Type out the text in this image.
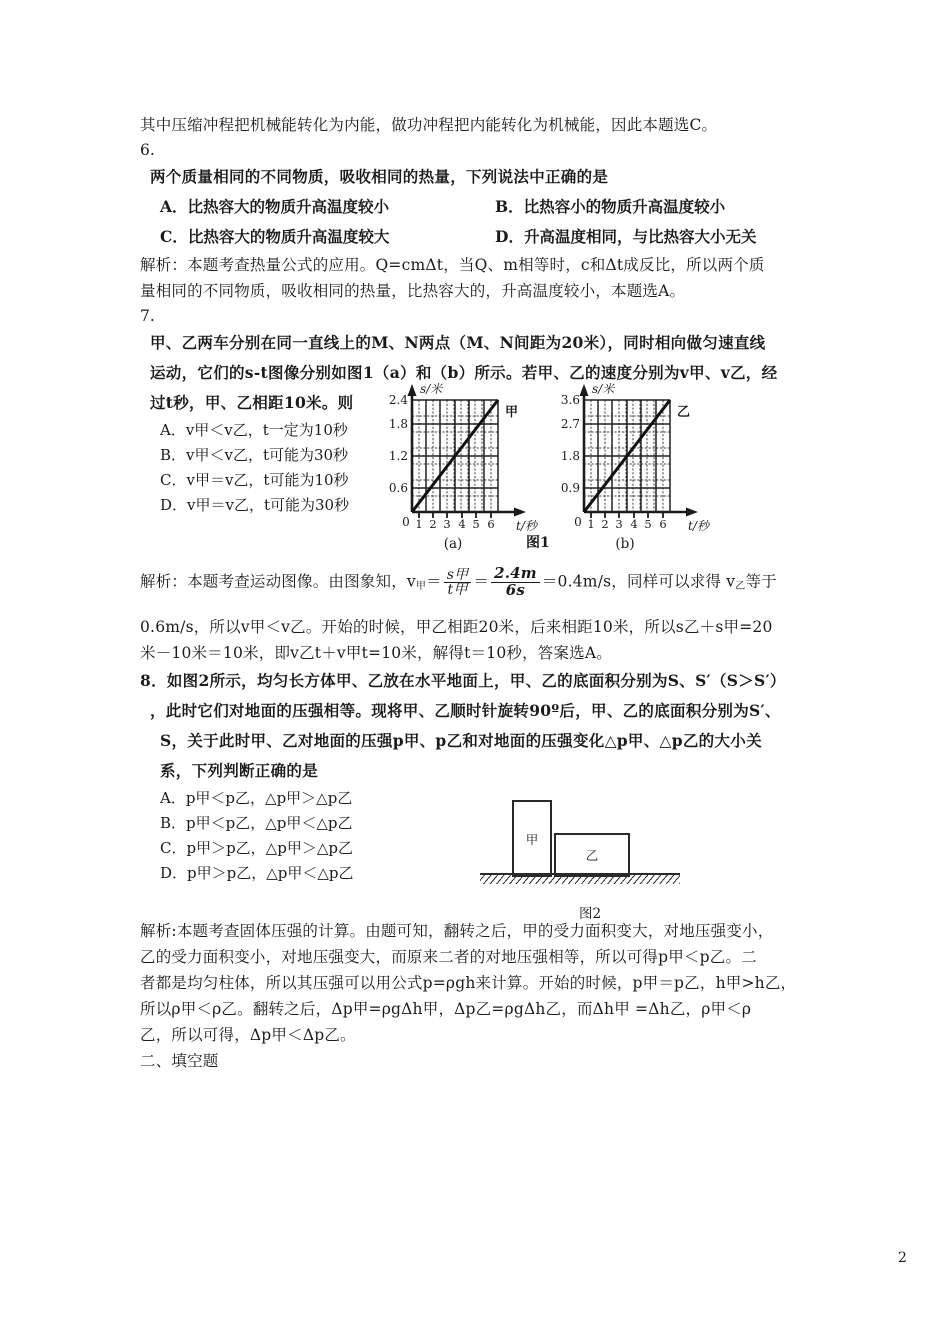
其中压缩冲程把机械能转化为内能，做功冲程把内能转化为机械能，因此本题选C。
6.
两个质量相同的不同物质，吸收相同的热量，下列说法中正确的是
A．比热容大的物质升高温度较小	B．比热容小的物质升高温度较小
C．比热容大的物质升高温度较大	D．升高温度相同，与比热容大小无关
解析：本题考查热量公式的应用。Q=cmΔt，当Q、m相等时，c和Δt成反比，所以两个质
量相同的不同物质，吸收相同的热量，比热容大的，升高温度较小，本题选A。
7.
甲、乙两车分别在同一直线上的M、N两点（M、N间距为20米），同时相向做匀速直线
运动，它们的s-t图像分别如图1（a）和（b）所示。若甲、乙的速度分别为v甲、v乙，经
过t秒，甲、乙相距10米。则
A．v甲＜v乙，t一定为10秒
B．v甲＜v乙，t可能为30秒
C．v甲＝v乙，t可能为10秒
D．v甲＝v乙，t可能为30秒
0.6
1.2
1.8
2.4
0 1 2 3 4 5 6
s/米
t/秒
甲
(a)
0.9
1.8
2.7
3.6
0 1 2 3 4 5 6
s/米
t/秒
乙
(b)
图1
解析：本题考查运动图像。由图象知，$v_甲= \frac{\text{s甲}}{\text{t甲}} = \frac{2.4m}{6s} =0.4m/s$，同样可以求得 $v_乙$等于
0.6m/s，所以v甲＜v乙。开始的时候，甲乙相距20米，后来相距10米，所以s乙＋s甲=20
米－10米＝10米，即v乙t＋v甲t=10米，解得t＝10秒，答案选A。
8．如图2所示，均匀长方体甲、乙放在水平地面上，甲、乙的底面积分别为S、S′（S＞S′）
，此时它们对地面的压强相等。现将甲、乙顺时针旋转90º后，甲、乙的底面积分别为S′、
S，关于此时甲、乙对地面的压强p甲、p乙和对地面的压强变化△p甲、△p乙的大小关
系，下列判断正确的是
A．p甲＜p乙，△p甲＞△p乙
B．p甲＜p乙，△p甲＜△p乙
C．p甲＞p乙，△p甲＞△p乙
D．p甲＞p乙，△p甲＜△p乙
甲
乙
图2
解析:本题考查固体压强的计算。由题可知，翻转之后，甲的受力面积变大，对地压强变小，
乙的受力面积变小，对地压强变大，而原来二者的对地压强相等，所以可得p甲＜p乙。二
者都是均匀柱体，所以其压强可以用公式p=ρgh来计算。开始的时候，p甲＝p乙，h甲>h乙，
所以ρ甲＜ρ乙。翻转之后，Δp甲=ρgΔh甲，Δp乙=ρgΔh乙，而Δh甲 =Δh乙，ρ甲＜ρ
乙，所以可得，Δp甲＜Δp乙。
二、填空题
2
